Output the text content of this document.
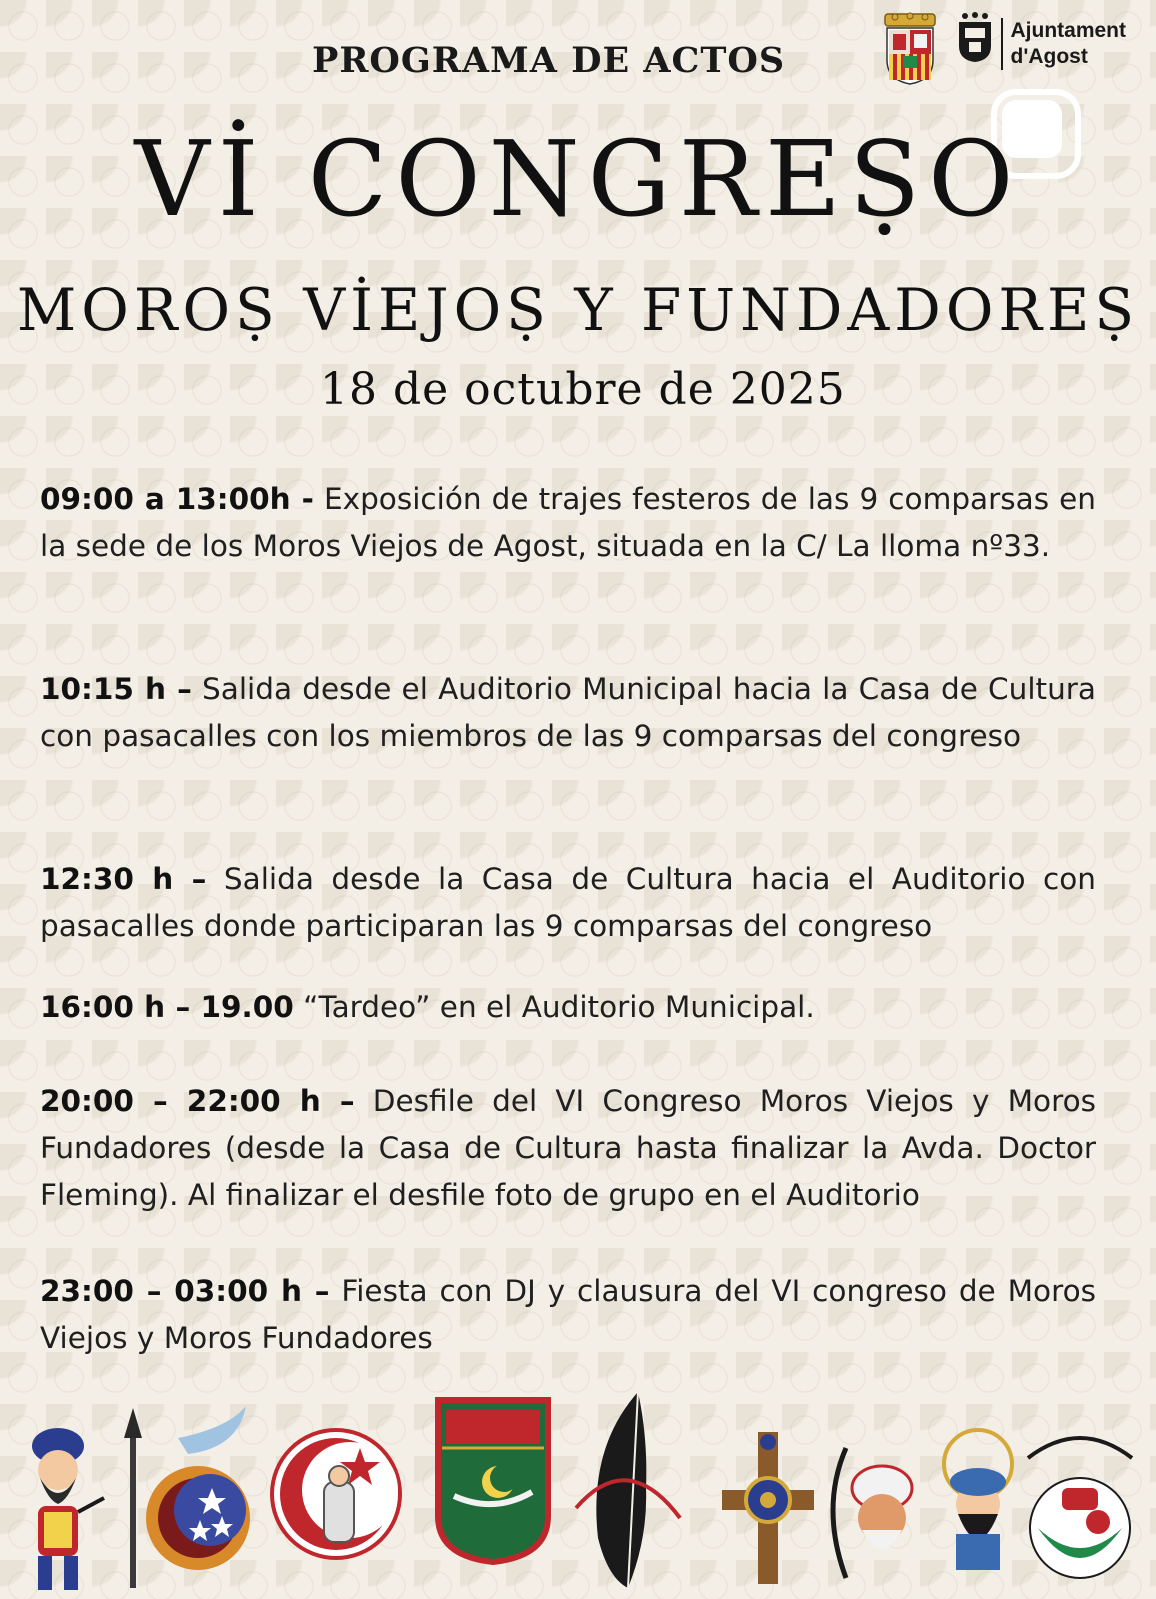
PROGRAMA DE ACTOS
Ajuntament
d'Agost
Vİ CONGREṢO
MOROṢ VİEJOṢ Y FUNDADOREṢ
18 de octubre de 2025
09:00 a 13:00h - Exposición de trajes festeros de las 9 comparsas en la sede de los Moros Viejos de Agost, situada en la C/ La lloma nº33.
10:15 h – Salida desde el Auditorio Municipal hacia la Casa de Cultura con pasacalles con los miembros de las 9 comparsas del congreso
12:30 h – Salida desde la Casa de Cultura hacia el Auditorio con pasacalles donde participaran las 9 comparsas del congreso
16:00 h – 19.00 “Tardeo” en el Auditorio Municipal.
20:00 – 22:00 h – Desfile del VI Congreso Moros Viejos y Moros Fundadores (desde la Casa de Cultura hasta finalizar la Avda. Doctor Fleming). Al finalizar el desfile foto de grupo en el Auditorio
23:00 – 03:00 h – Fiesta con DJ y clausura del VI congreso de Moros Viejos y Moros Fundadores
